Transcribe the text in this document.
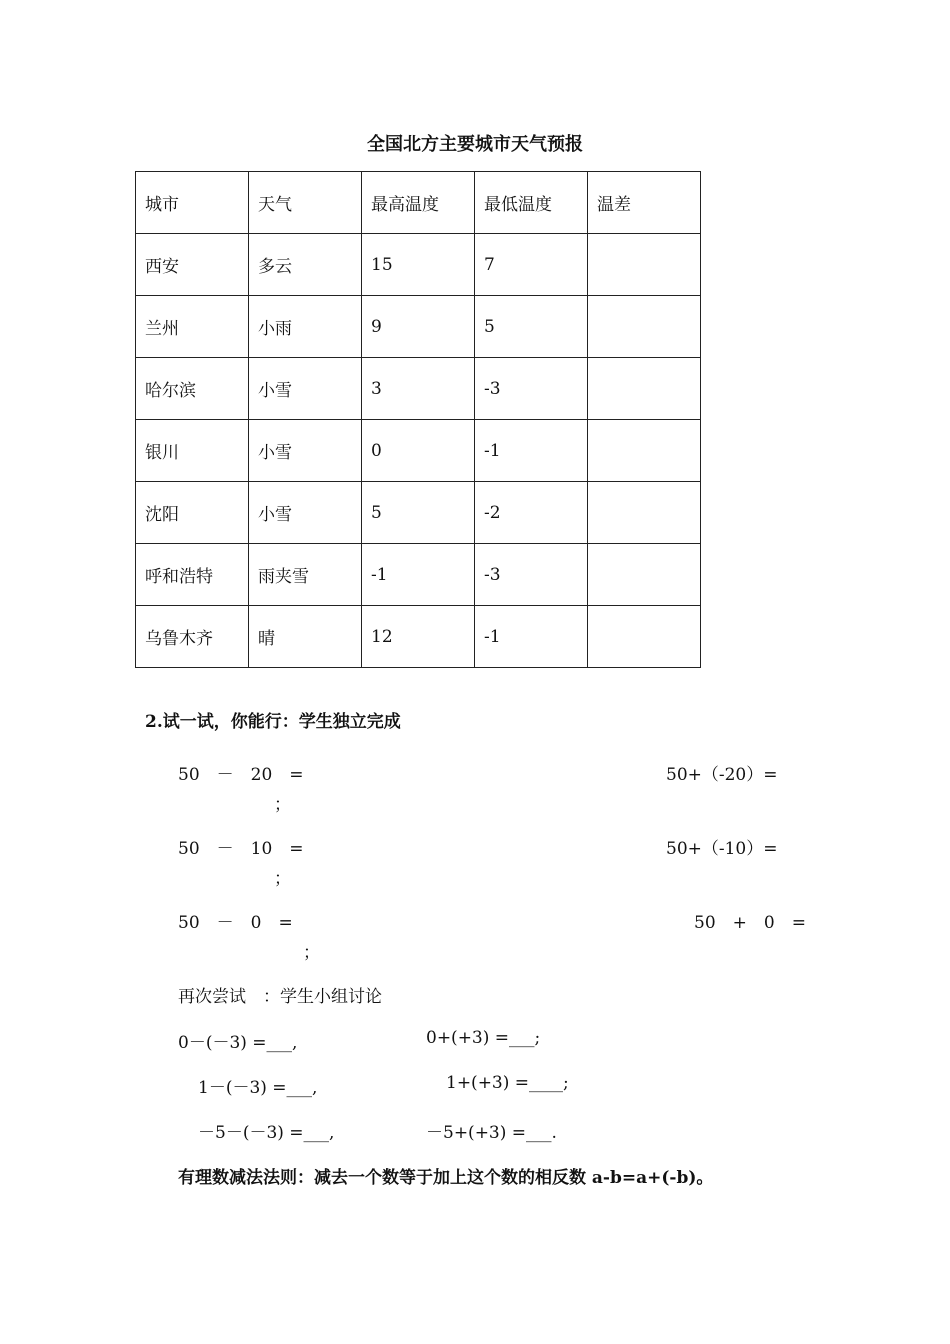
全国北方主要城市天气预报
城市	天气	最高温度	最低温度	温差
西安	多云	15	7	
兰州	小雨	9	5	
哈尔滨	小雪	3	-3	
银川	小雪	0	-1	
沈阳	小雪	5	-2	
呼和浩特	雨夹雪	-1	-3	
乌鲁木齐	晴	12	-1	
2.试一试，你能行：学生独立完成
50　－　20　=	50+（-20）=
；
50　－　10　=	50+（-10）=
；
50　－　0　=	50　+　0　=
；
再次尝试　：学生小组讨论
0－(－3) =___,	0+(+3) =___;
1－(－3) =___,	1+(+3) =____;
－5－(－3) =___,	－5+(+3) =___.
有理数减法法则：减去一个数等于加上这个数的相反数 a-b=a+(-b)。
